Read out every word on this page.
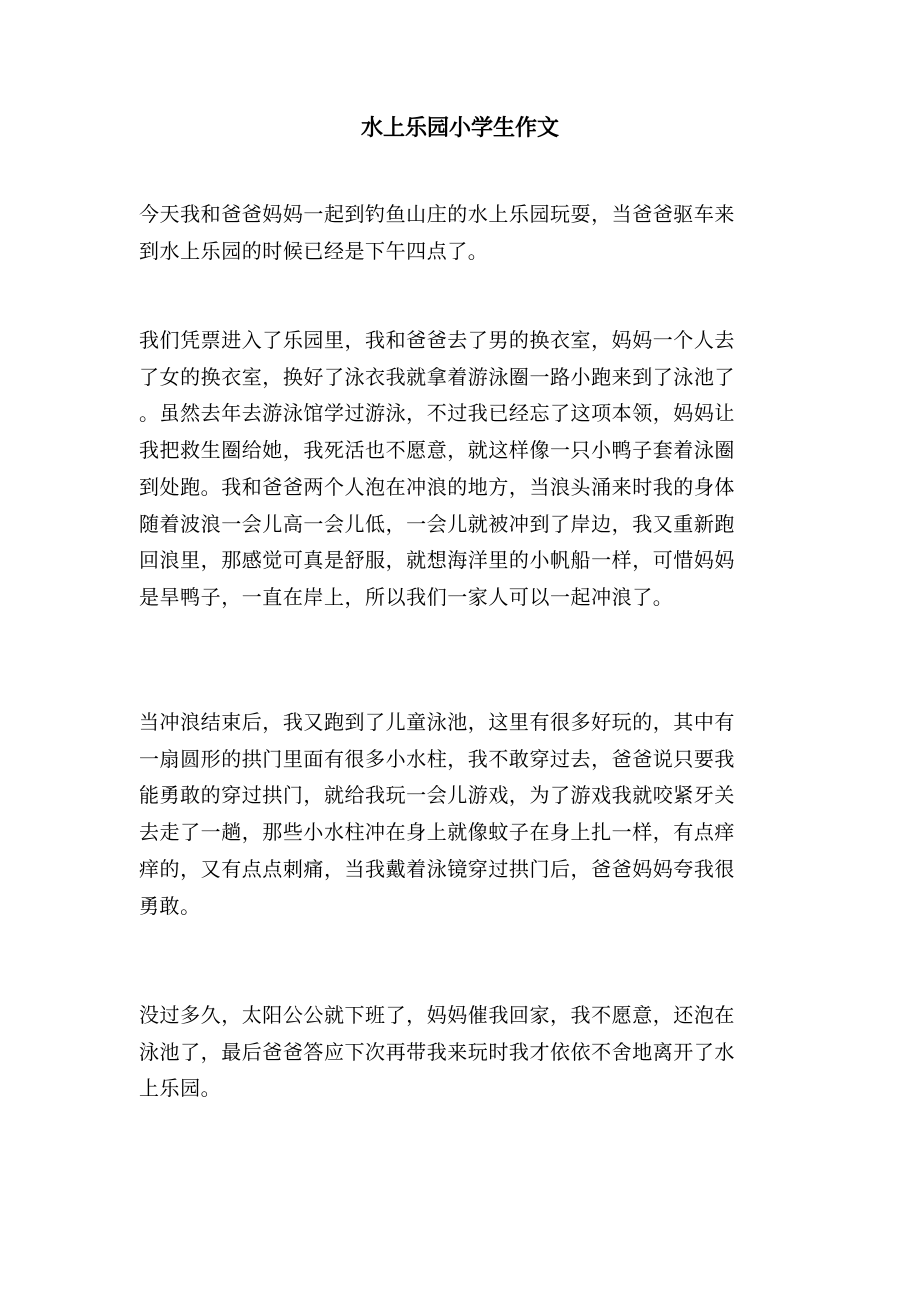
水上乐园小学生作文
今天我和爸爸妈妈一起到钓鱼山庄的水上乐园玩耍，当爸爸驱车来
到水上乐园的时候已经是下午四点了。
我们凭票进入了乐园里，我和爸爸去了男的换衣室，妈妈一个人去
了女的换衣室，换好了泳衣我就拿着游泳圈一路小跑来到了泳池了
。虽然去年去游泳馆学过游泳，不过我已经忘了这项本领，妈妈让
我把救生圈给她，我死活也不愿意，就这样像一只小鸭子套着泳圈
到处跑。我和爸爸两个人泡在冲浪的地方，当浪头涌来时我的身体
随着波浪一会儿高一会儿低，一会儿就被冲到了岸边，我又重新跑
回浪里，那感觉可真是舒服，就想海洋里的小帆船一样，可惜妈妈
是旱鸭子，一直在岸上，所以我们一家人可以一起冲浪了。
当冲浪结束后，我又跑到了儿童泳池，这里有很多好玩的，其中有
一扇圆形的拱门里面有很多小水柱，我不敢穿过去，爸爸说只要我
能勇敢的穿过拱门，就给我玩一会儿游戏，为了游戏我就咬紧牙关
去走了一趟，那些小水柱冲在身上就像蚊子在身上扎一样，有点痒
痒的，又有点点刺痛，当我戴着泳镜穿过拱门后，爸爸妈妈夸我很
勇敢。
没过多久，太阳公公就下班了，妈妈催我回家，我不愿意，还泡在
泳池了，最后爸爸答应下次再带我来玩时我才依依不舍地离开了水
上乐园。
